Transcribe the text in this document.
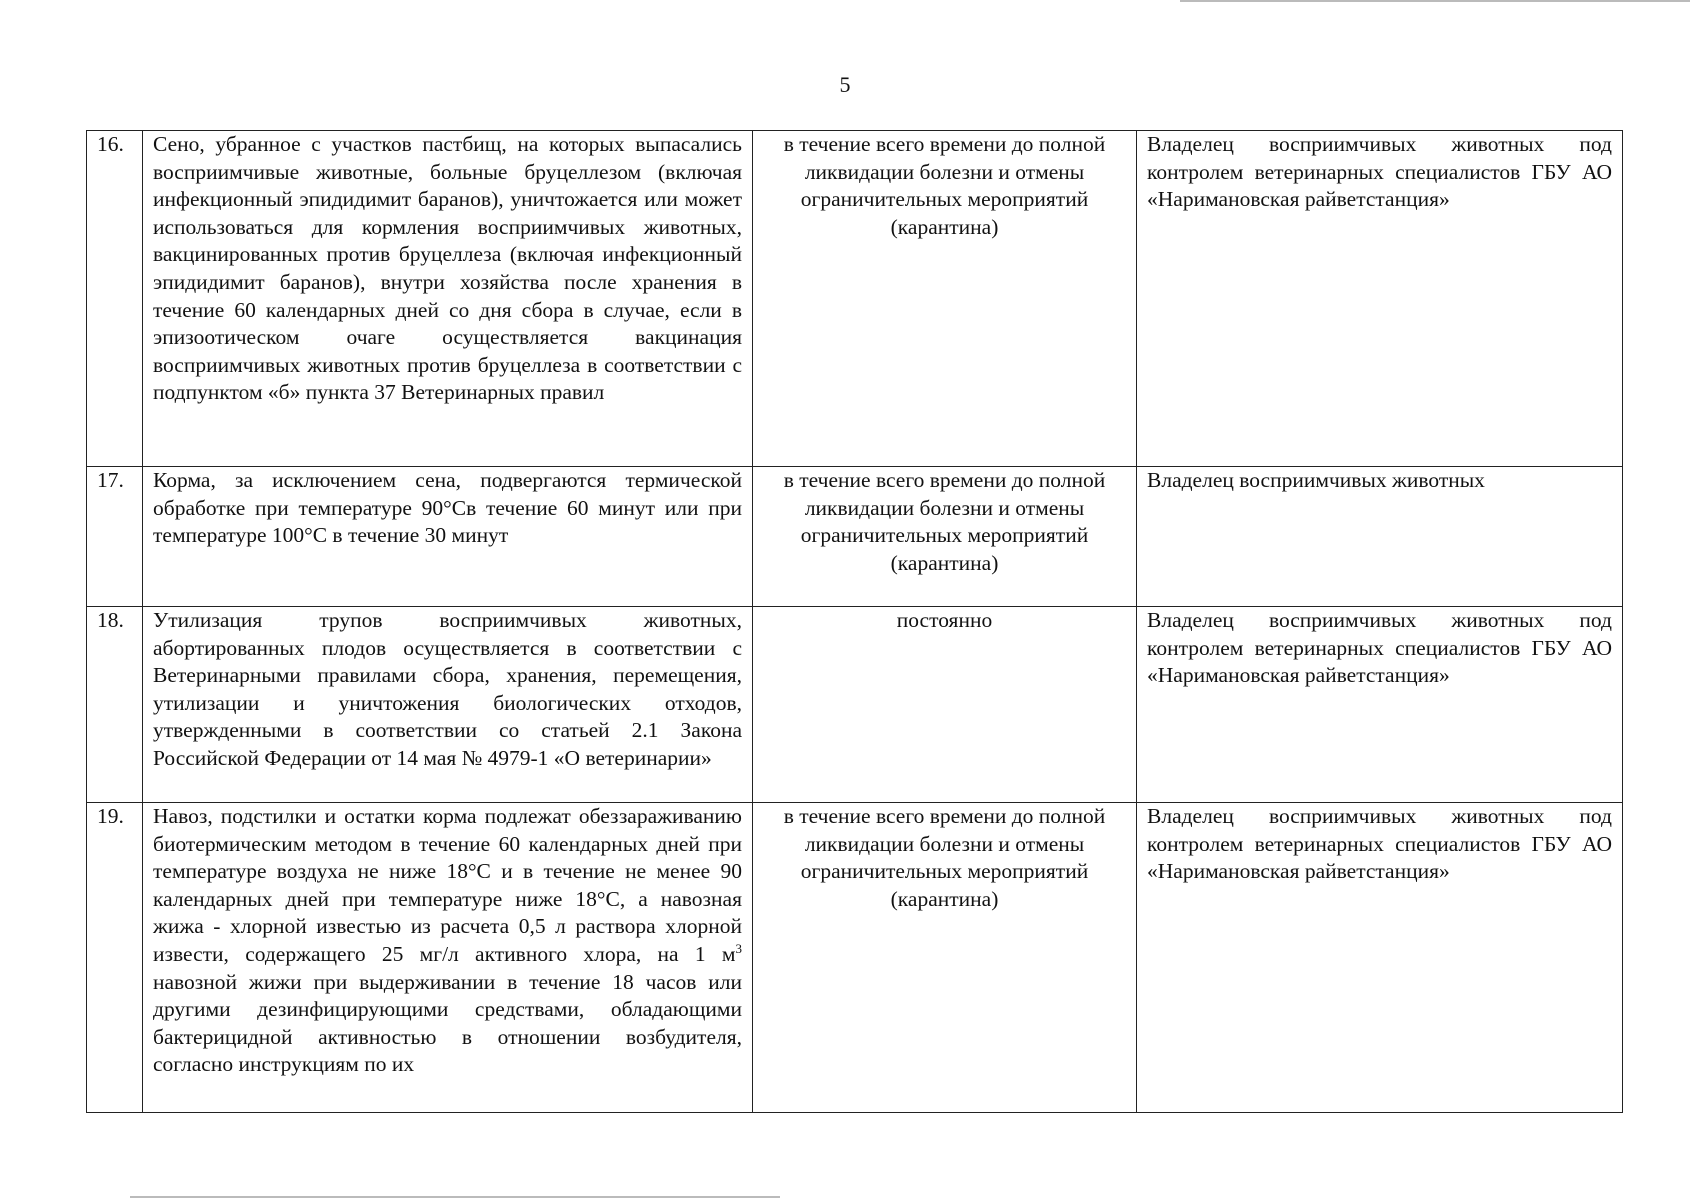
5
16.	Сено, убранное с участков пастбищ, на которых выпасались восприимчивые животные, больные бруцеллезом (включая инфекционный эпидидимит баранов), уничтожается или может использоваться для кормления восприимчивых животных, вакцинированных против бруцеллеза (включая инфекционный эпидидимит баранов), внутри хозяйства после хранения в течение 60 календарных дней со дня сбора в случае, если в эпизоотическом очаге осуществляется вакцинация восприимчивых животных против бруцеллеза в соответствии с подпунктом «б» пункта 37 Ветеринарных правил	в течение всего времени до полной ликвидации болезни и отмены ограничительных мероприятий (карантина)	Владелец восприимчивых животных под контролем ветеринарных специалистов ГБУ АО «Наримановская райветстанция»
17.	Корма, за исключением сена, подвергаются термической обработке при температуре 90°Св течение 60 минут или при температуре 100°С в течение 30 минут	в течение всего времени до полной ликвидации болезни и отмены ограничительных мероприятий (карантина)	Владелец восприимчивых животных
18.	Утилизация трупов восприимчивых животных, абортированных плодов осуществляется в соответствии с Ветеринарными правилами сбора, хранения, перемещения, утилизации и уничтожения биологических отходов, утвержденными в соответствии со статьей 2.1 Закона Российской Федерации от 14 мая № 4979-1 «О ветеринарии»	постоянно	Владелец восприимчивых животных под контролем ветеринарных специалистов ГБУ АО «Наримановская райветстанция»
19.	Навоз, подстилки и остатки корма подлежат обеззараживанию биотермическим методом в течение 60 календарных дней при температуре воздуха не ниже 18°С и в течение не менее 90 календарных дней при температуре ниже 18°С, а навозная жижа - хлорной известью из расчета 0,5 л раствора хлорной извести, содержащего 25 мг/л активного хлора, на 1 $м^3$ навозной жижи при выдерживании в течение 18 часов или другими дезинфицирующими средствами, обладающими бактерицидной активностью в отношении возбудителя, согласно инструкциям по их	в течение всего времени до полной ликвидации болезни и отмены ограничительных мероприятий (карантина)	Владелец восприимчивых животных под контролем ветеринарных специалистов ГБУ АО «Наримановская райветстанция»
